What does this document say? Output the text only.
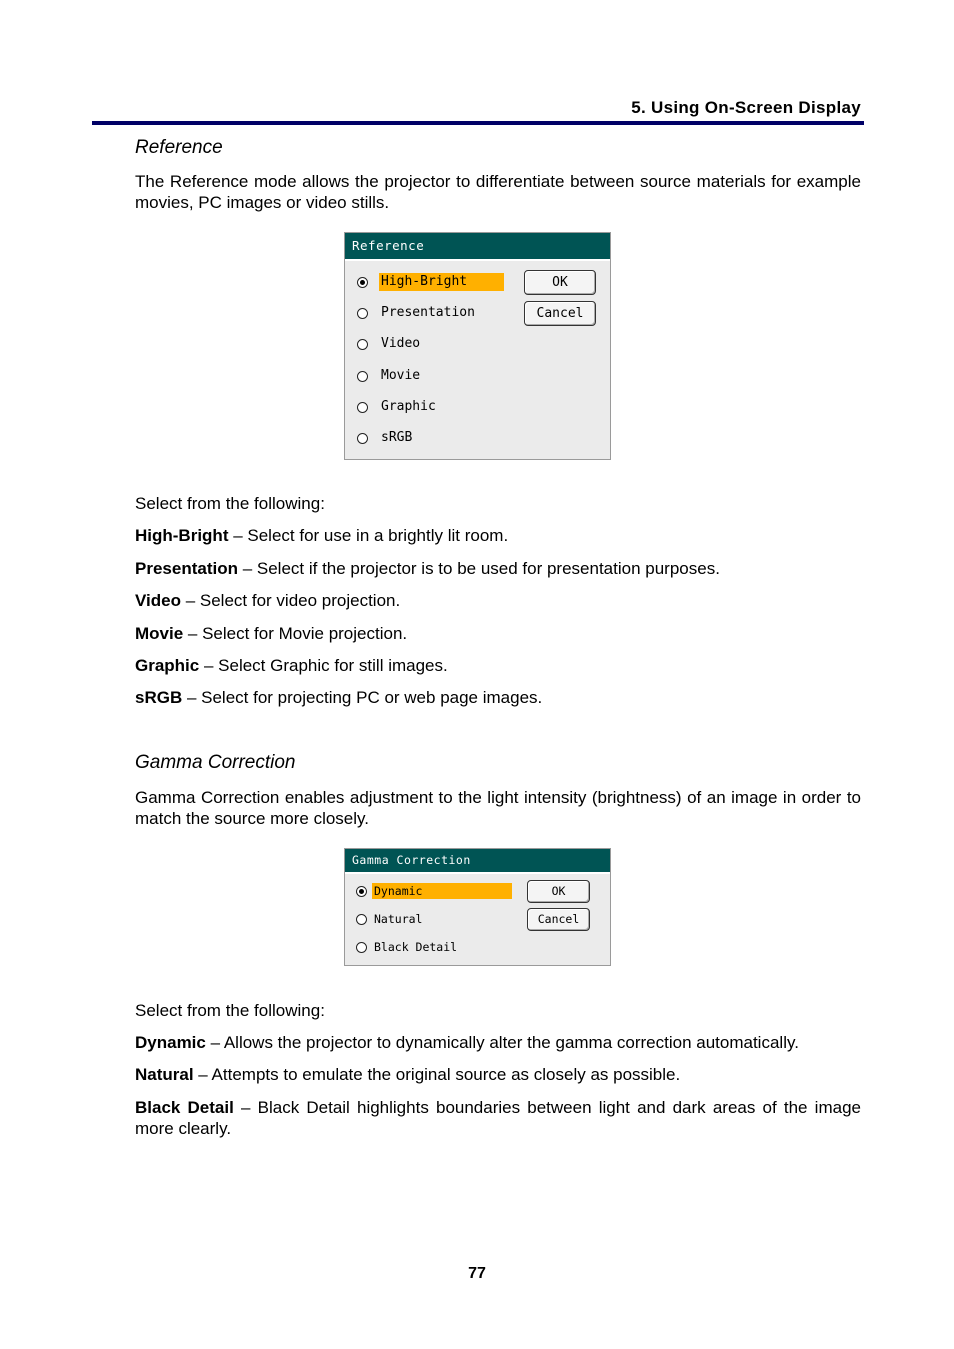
5. Using On-Screen Display
Reference
The Reference mode allows the projector to differentiate between source materials for example movies, PC images or video stills.
Reference
High-Bright
Presentation
Video
Movie
Graphic
sRGB
OK
Cancel
Select from the following:
High-Bright – Select for use in a brightly lit room.
Presentation – Select if the projector is to be used for presentation purposes.
Video – Select for video projection.
Movie – Select for Movie projection.
Graphic – Select Graphic for still images.
sRGB – Select for projecting PC or web page images.
Gamma Correction
Gamma Correction enables adjustment to the light intensity (brightness) of an image in order to match the source more closely.
Gamma Correction
Dynamic
Natural
Black Detail
OK
Cancel
Select from the following:
Dynamic – Allows the projector to dynamically alter the gamma correction automatically.
Natural – Attempts to emulate the original source as closely as possible.
Black Detail – Black Detail highlights boundaries between light and dark areas of the image more clearly.
77
